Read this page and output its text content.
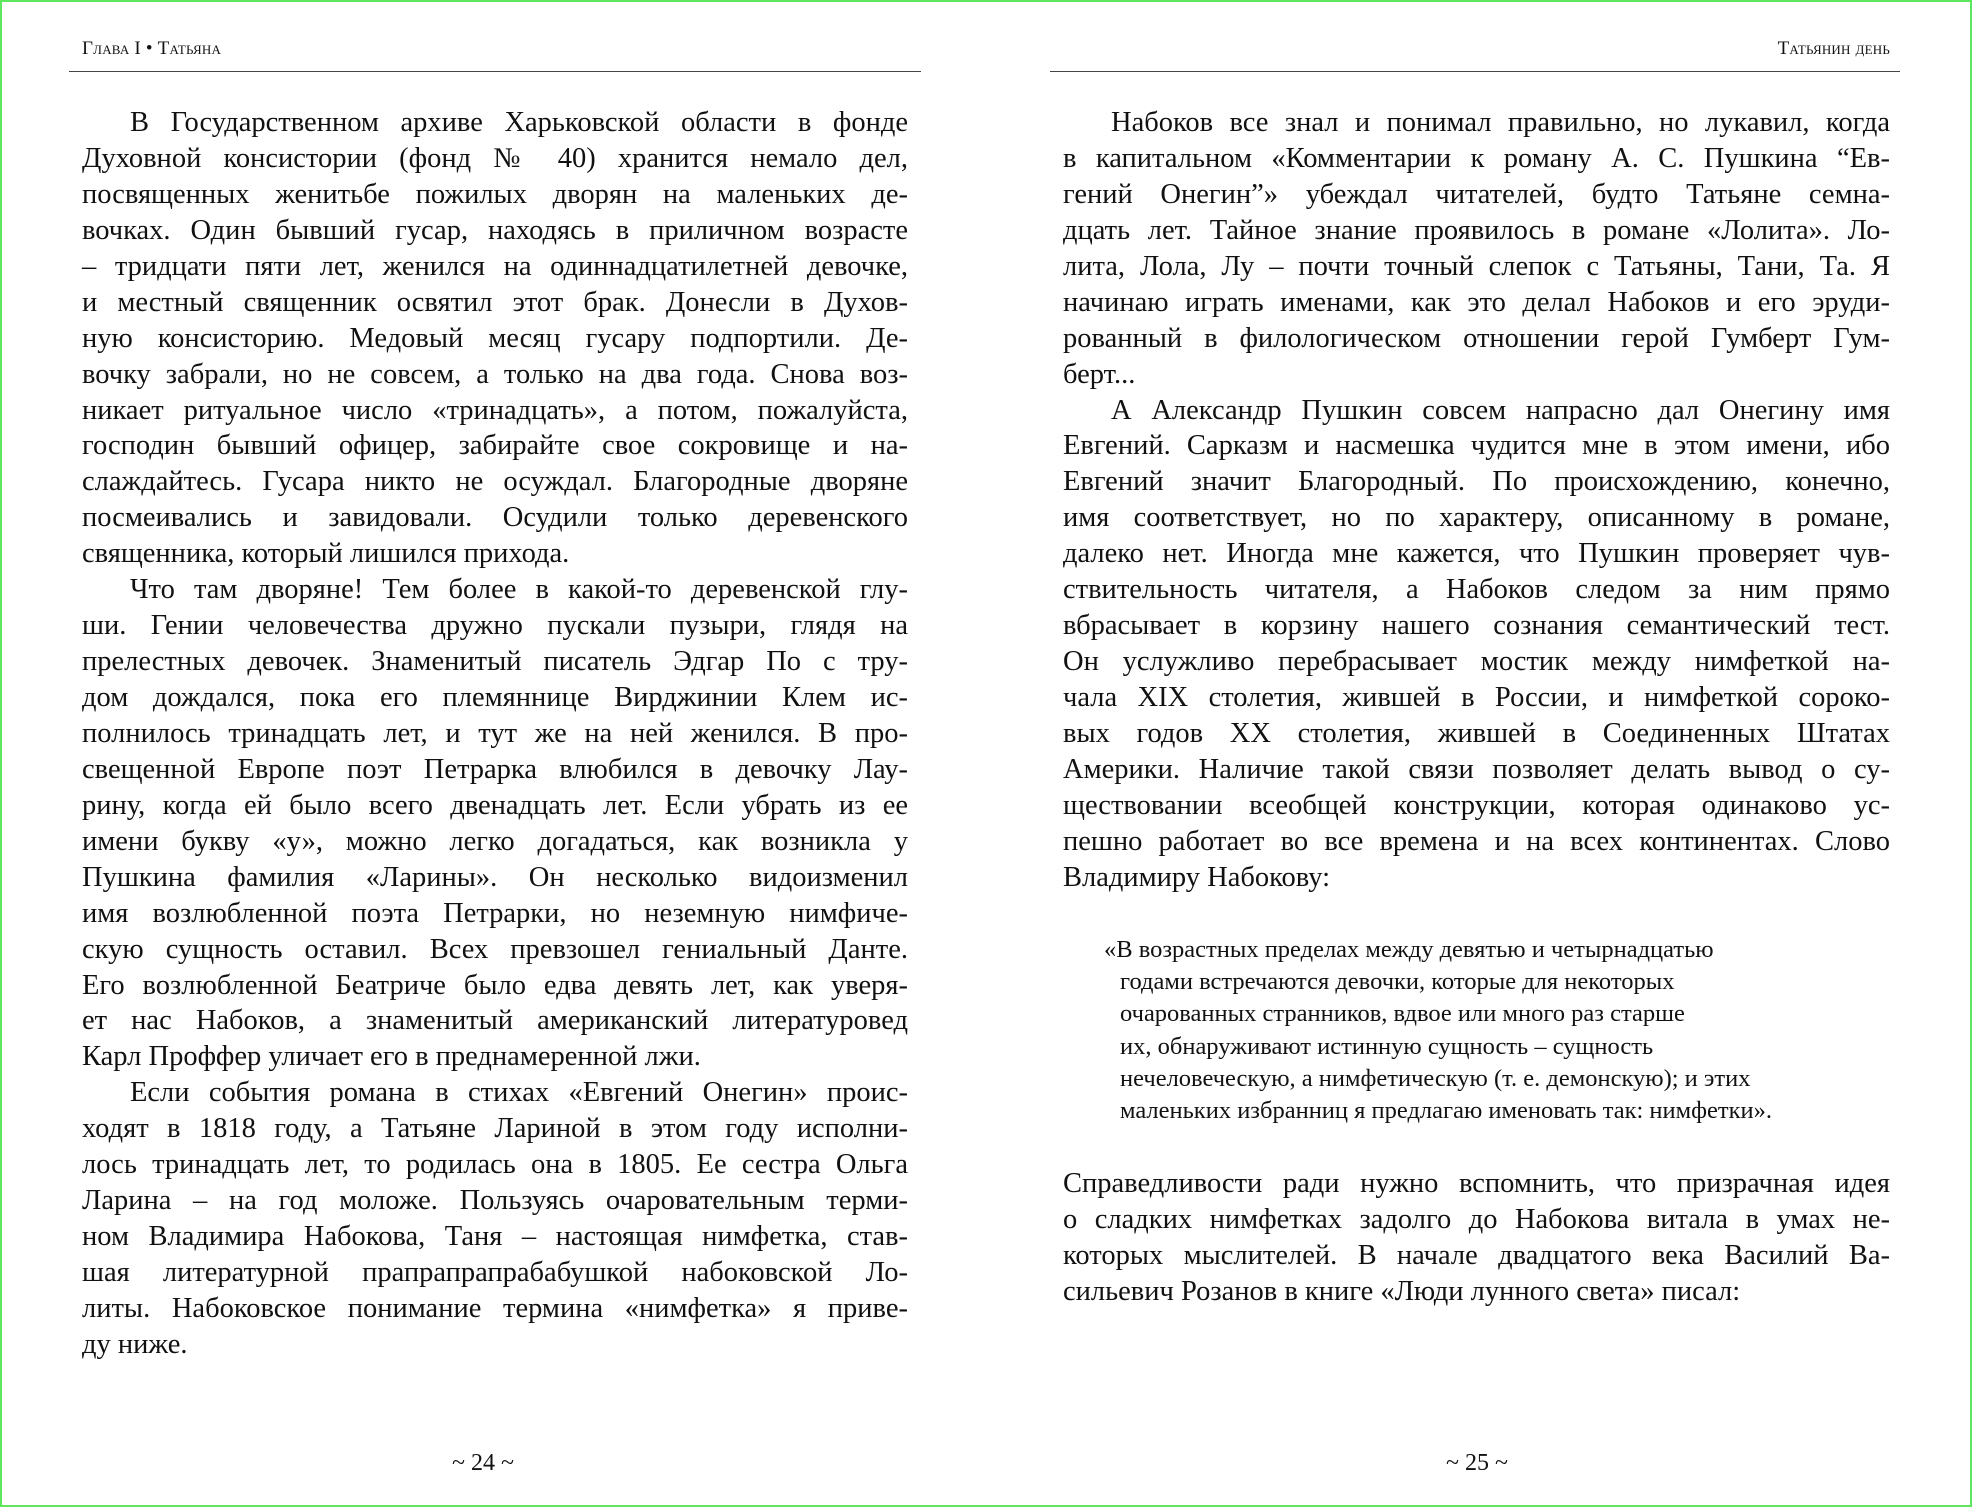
Глава I • Татьяна
В Государственном архиве Харьковской области в фонде
Духовной консистории (фонд № 40) хранится немало дел,
посвященных женитьбе пожилых дворян на маленьких де-
вочках. Один бывший гусар, находясь в приличном возрасте
– тридцати пяти лет, женился на одиннадцатилетней девочке,
и местный священник освятил этот брак. Донесли в Духов-
ную консисторию. Медовый месяц гусару подпортили. Де-
вочку забрали, но не совсем, а только на два года. Снова воз-
никает ритуальное число «тринадцать», а потом, пожалуйста,
господин бывший офицер, забирайте свое сокровище и на-
слаждайтесь. Гусара никто не осуждал. Благородные дворяне
посмеивались и завидовали. Осудили только деревенского
священника, который лишился прихода.
Что там дворяне! Тем более в какой-то деревенской глу-
ши. Гении человечества дружно пускали пузыри, глядя на
прелестных девочек. Знаменитый писатель Эдгар По с тру-
дом дождался, пока его племяннице Вирджинии Клем ис-
полнилось тринадцать лет, и тут же на ней женился. В про-
свещенной Европе поэт Петрарка влюбился в девочку Лау-
рину, когда ей было всего двенадцать лет. Если убрать из ее
имени букву «у», можно легко догадаться, как возникла у
Пушкина фамилия «Ларины». Он несколько видоизменил
имя возлюбленной поэта Петрарки, но неземную нимфиче-
скую сущность оставил. Всех превзошел гениальный Данте.
Его возлюбленной Беатриче было едва девять лет, как уверя-
ет нас Набоков, а знаменитый американский литературовед
Карл Проффер уличает его в преднамеренной лжи.
Если события романа в стихах «Евгений Онегин» проис-
ходят в 1818 году, а Татьяне Лариной в этом году исполни-
лось тринадцать лет, то родилась она в 1805. Ее сестра Ольга
Ларина – на год моложе. Пользуясь очаровательным терми-
ном Владимира Набокова, Таня – настоящая нимфетка, став-
шая литературной прапрапрапрабабушкой набоковской Ло-
литы. Набоковское понимание термина «нимфетка» я приве-
ду ниже.
~ 24 ~
Татьянин день
Набоков все знал и понимал правильно, но лукавил, когда
в капитальном «Комментарии к роману А. С. Пушкина “Ев-
гений Онегин”» убеждал читателей, будто Татьяне семна-
дцать лет. Тайное знание проявилось в романе «Лолита». Ло-
лита, Лола, Лу – почти точный слепок с Татьяны, Тани, Та. Я
начинаю играть именами, как это делал Набоков и его эруди-
рованный в филологическом отношении герой Гумберт Гум-
берт...
А Александр Пушкин совсем напрасно дал Онегину имя
Евгений. Сарказм и насмешка чудится мне в этом имени, ибо
Евгений значит Благородный. По происхождению, конечно,
имя соответствует, но по характеру, описанному в романе,
далеко нет. Иногда мне кажется, что Пушкин проверяет чув-
ствительность читателя, а Набоков следом за ним прямо
вбрасывает в корзину нашего сознания семантический тест.
Он услужливо перебрасывает мостик между нимфеткой на-
чала XIX столетия, жившей в России, и нимфеткой сороко-
вых годов XX столетия, жившей в Соединенных Штатах
Америки. Наличие такой связи позволяет делать вывод о су-
ществовании всеобщей конструкции, которая одинаково ус-
пешно работает во все времена и на всех континентах. Слово
Владимиру Набокову:
«В возрастных пределах между девятью и четырнадцатью
годами встречаются девочки, которые для некоторых
очарованных странников, вдвое или много раз старше
их, обнаруживают истинную сущность – сущность
нечеловеческую, а нимфетическую (т. е. демонскую); и этих
маленьких избранниц я предлагаю именовать так: нимфетки».
Справедливости ради нужно вспомнить, что призрачная идея
о сладких нимфетках задолго до Набокова витала в умах не-
которых мыслителей. В начале двадцатого века Василий Ва-
сильевич Розанов в книге «Люди лунного света» писал:
~ 25 ~
